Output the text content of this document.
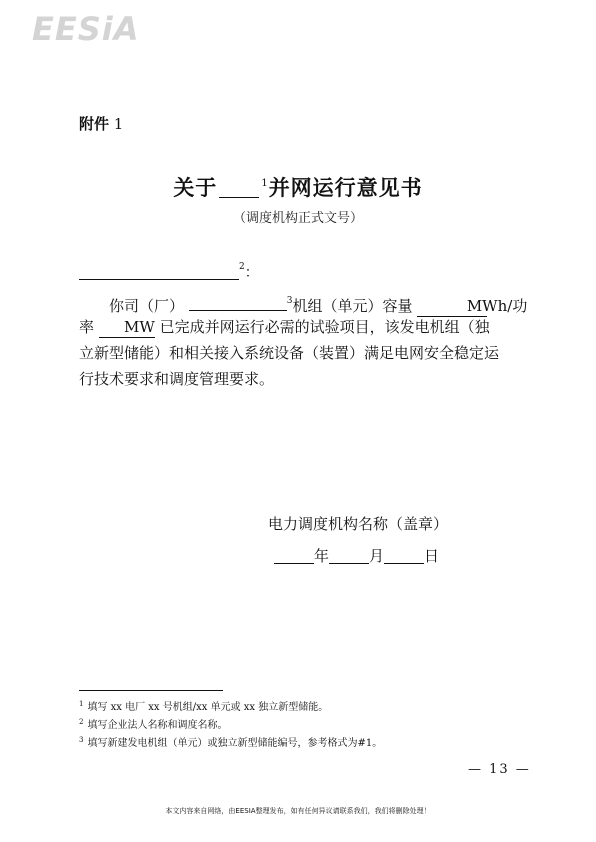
EESiA
附件 1
关于	$^1$并网运行意见书
（调度机构正式文号）
$^2$：
你司（厂）	$^3$机组（单元）容量	MWh/功
率 MW 已完成并网运行必需的试验项目，该发电机组（独
立新型储能）和相关接入系统设备（装置）满足电网安全稳定运
行技术要求和调度管理要求。
电力调度机构名称（盖章）
年	月	日
$^1$ 填写 xx 电厂 xx 号机组/xx 单元或 xx 独立新型储能。
$^2$ 填写企业法人名称和调度名称。
$^3$ 填写新建发电机组（单元）或独立新型储能编号，参考格式为#1。
— 13 —
本文内容来自网络，由EESIA整理发布，如有任何异议请联系我们，我们将删除处理！
